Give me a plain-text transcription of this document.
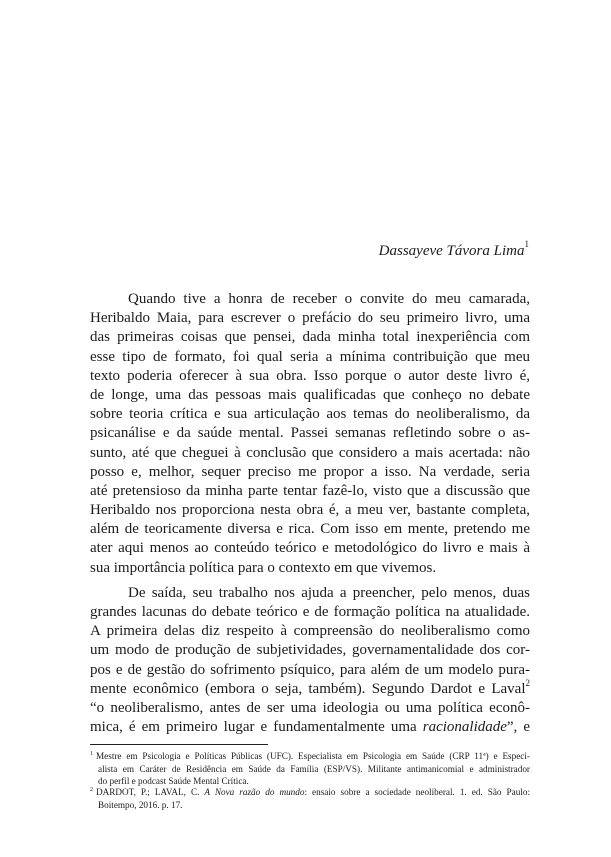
Dassayeve Távora Lima$^1$
Quando tive a honra de receber o convite do meu camarada,
Heribaldo Maia, para escrever o prefácio do seu primeiro livro, uma
das primeiras coisas que pensei, dada minha total inexperiência com
esse tipo de formato, foi qual seria a mínima contribuição que meu
texto poderia oferecer à sua obra. Isso porque o autor deste livro é,
de longe, uma das pessoas mais qualificadas que conheço no debate
sobre teoria crítica e sua articulação aos temas do neoliberalismo, da
psicanálise e da saúde mental. Passei semanas refletindo sobre o as-
sunto, até que cheguei à conclusão que considero a mais acertada: não
posso e, melhor, sequer preciso me propor a isso. Na verdade, seria
até pretensioso da minha parte tentar fazê-lo, visto que a discussão que
Heribaldo nos proporciona nesta obra é, a meu ver, bastante completa,
além de teoricamente diversa e rica. Com isso em mente, pretendo me
ater aqui menos ao conteúdo teórico e metodológico do livro e mais à
sua importância política para o contexto em que vivemos.
De saída, seu trabalho nos ajuda a preencher, pelo menos, duas
grandes lacunas do debate teórico e de formação política na atualidade.
A primeira delas diz respeito à compreensão do neoliberalismo como
um modo de produção de subjetividades, governamentalidade dos cor-
pos e de gestão do sofrimento psíquico, para além de um modelo pura-
mente econômico (embora o seja, também). Segundo Dardot e Laval$^2$
“o neoliberalismo, antes de ser uma ideologia ou uma política econô-
mica, é em primeiro lugar e fundamentalmente uma racionalidade”, e
$^1$ Mestre em Psicologia e Políticas Públicas (UFC). Especialista em Psicologia em Saúde (CRP 11ª) e Especi-
alista em Caráter de Residência em Saúde da Família (ESP/VS). Militante antimanicomial e administrador
do perfil e podcast Saúde Mental Crítica.
$^2$ DARDOT, P.; LAVAL, C. A Nova razão do mundo: ensaio sobre a sociedade neoliberal. 1. ed. São Paulo:
Boitempo, 2016. p. 17.
